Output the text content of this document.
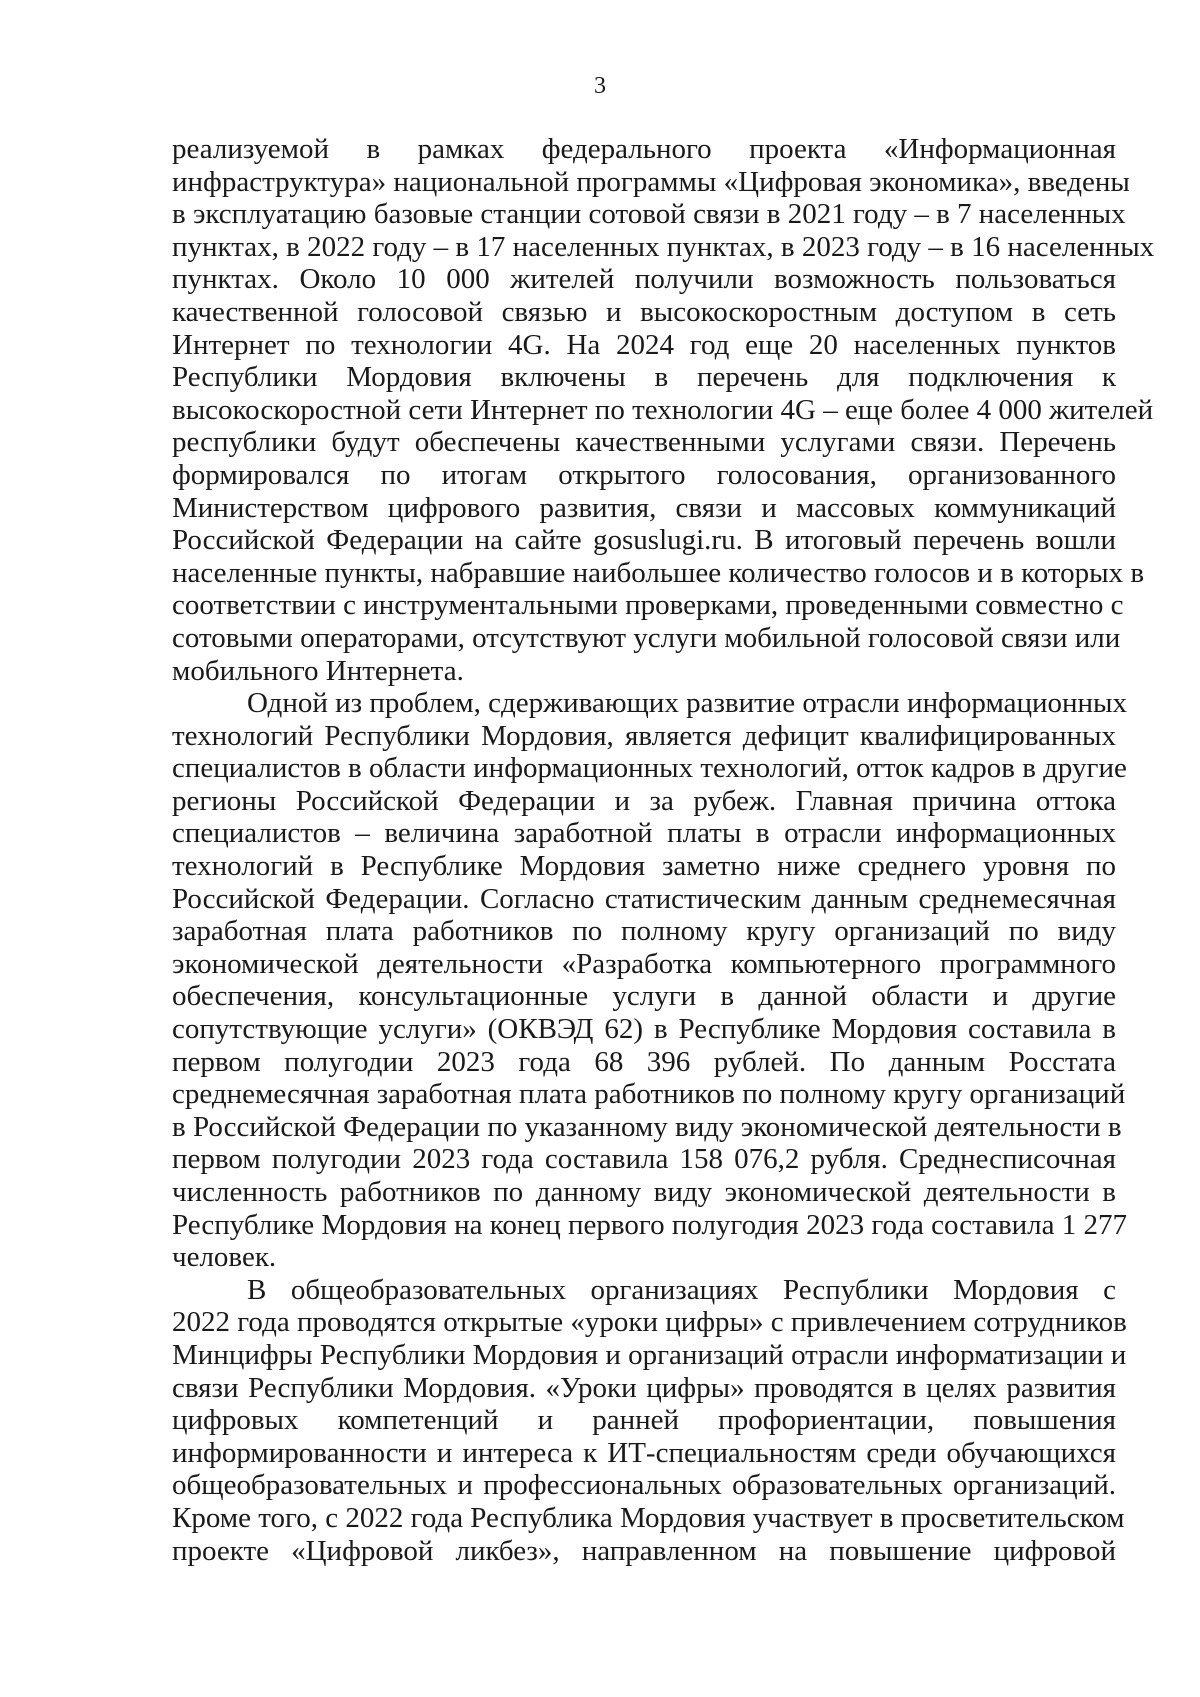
3
реализуемой в рамках федерального проекта «Информационная
инфраструктура» национальной программы «Цифровая экономика», введены
в эксплуатацию базовые станции сотовой связи в 2021 году – в 7 населенных
пунктах, в 2022 году – в 17 населенных пунктах, в 2023 году – в 16 населенных
пунктах. Около 10 000 жителей получили возможность пользоваться
качественной голосовой связью и высокоскоростным доступом в сеть
Интернет по технологии 4G. На 2024 год еще 20 населенных пунктов
Республики Мордовия включены в перечень для подключения к
высокоскоростной сети Интернет по технологии 4G – еще более 4 000 жителей
республики будут обеспечены качественными услугами связи. Перечень
формировался по итогам открытого голосования, организованного
Министерством цифрового развития, связи и массовых коммуникаций
Российской Федерации на сайте gosuslugi.ru. В итоговый перечень вошли
населенные пункты, набравшие наибольшее количество голосов и в которых в
соответствии с инструментальными проверками, проведенными совместно с
сотовыми операторами, отсутствуют услуги мобильной голосовой связи или
мобильного Интернета.
Одной из проблем, сдерживающих развитие отрасли информационных
технологий Республики Мордовия, является дефицит квалифицированных
специалистов в области информационных технологий, отток кадров в другие
регионы Российской Федерации и за рубеж. Главная причина оттока
специалистов – величина заработной платы в отрасли информационных
технологий в Республике Мордовия заметно ниже среднего уровня по
Российской Федерации. Согласно статистическим данным среднемесячная
заработная плата работников по полному кругу организаций по виду
экономической деятельности «Разработка компьютерного программного
обеспечения, консультационные услуги в данной области и другие
сопутствующие услуги» (ОКВЭД 62) в Республике Мордовия составила в
первом полугодии 2023 года 68 396 рублей. По данным Росстата
среднемесячная заработная плата работников по полному кругу организаций
в Российской Федерации по указанному виду экономической деятельности в
первом полугодии 2023 года составила 158 076,2 рубля. Среднесписочная
численность работников по данному виду экономической деятельности в
Республике Мордовия на конец первого полугодия 2023 года составила 1 277
человек.
В общеобразовательных организациях Республики Мордовия с
2022 года проводятся открытые «уроки цифры» с привлечением сотрудников
Минцифры Республики Мордовия и организаций отрасли информатизации и
связи Республики Мордовия. «Уроки цифры» проводятся в целях развития
цифровых компетенций и ранней профориентации, повышения
информированности и интереса к ИТ-специальностям среди обучающихся
общеобразовательных и профессиональных образовательных организаций.
Кроме того, с 2022 года Республика Мордовия участвует в просветительском
проекте «Цифровой ликбез», направленном на повышение цифровой
